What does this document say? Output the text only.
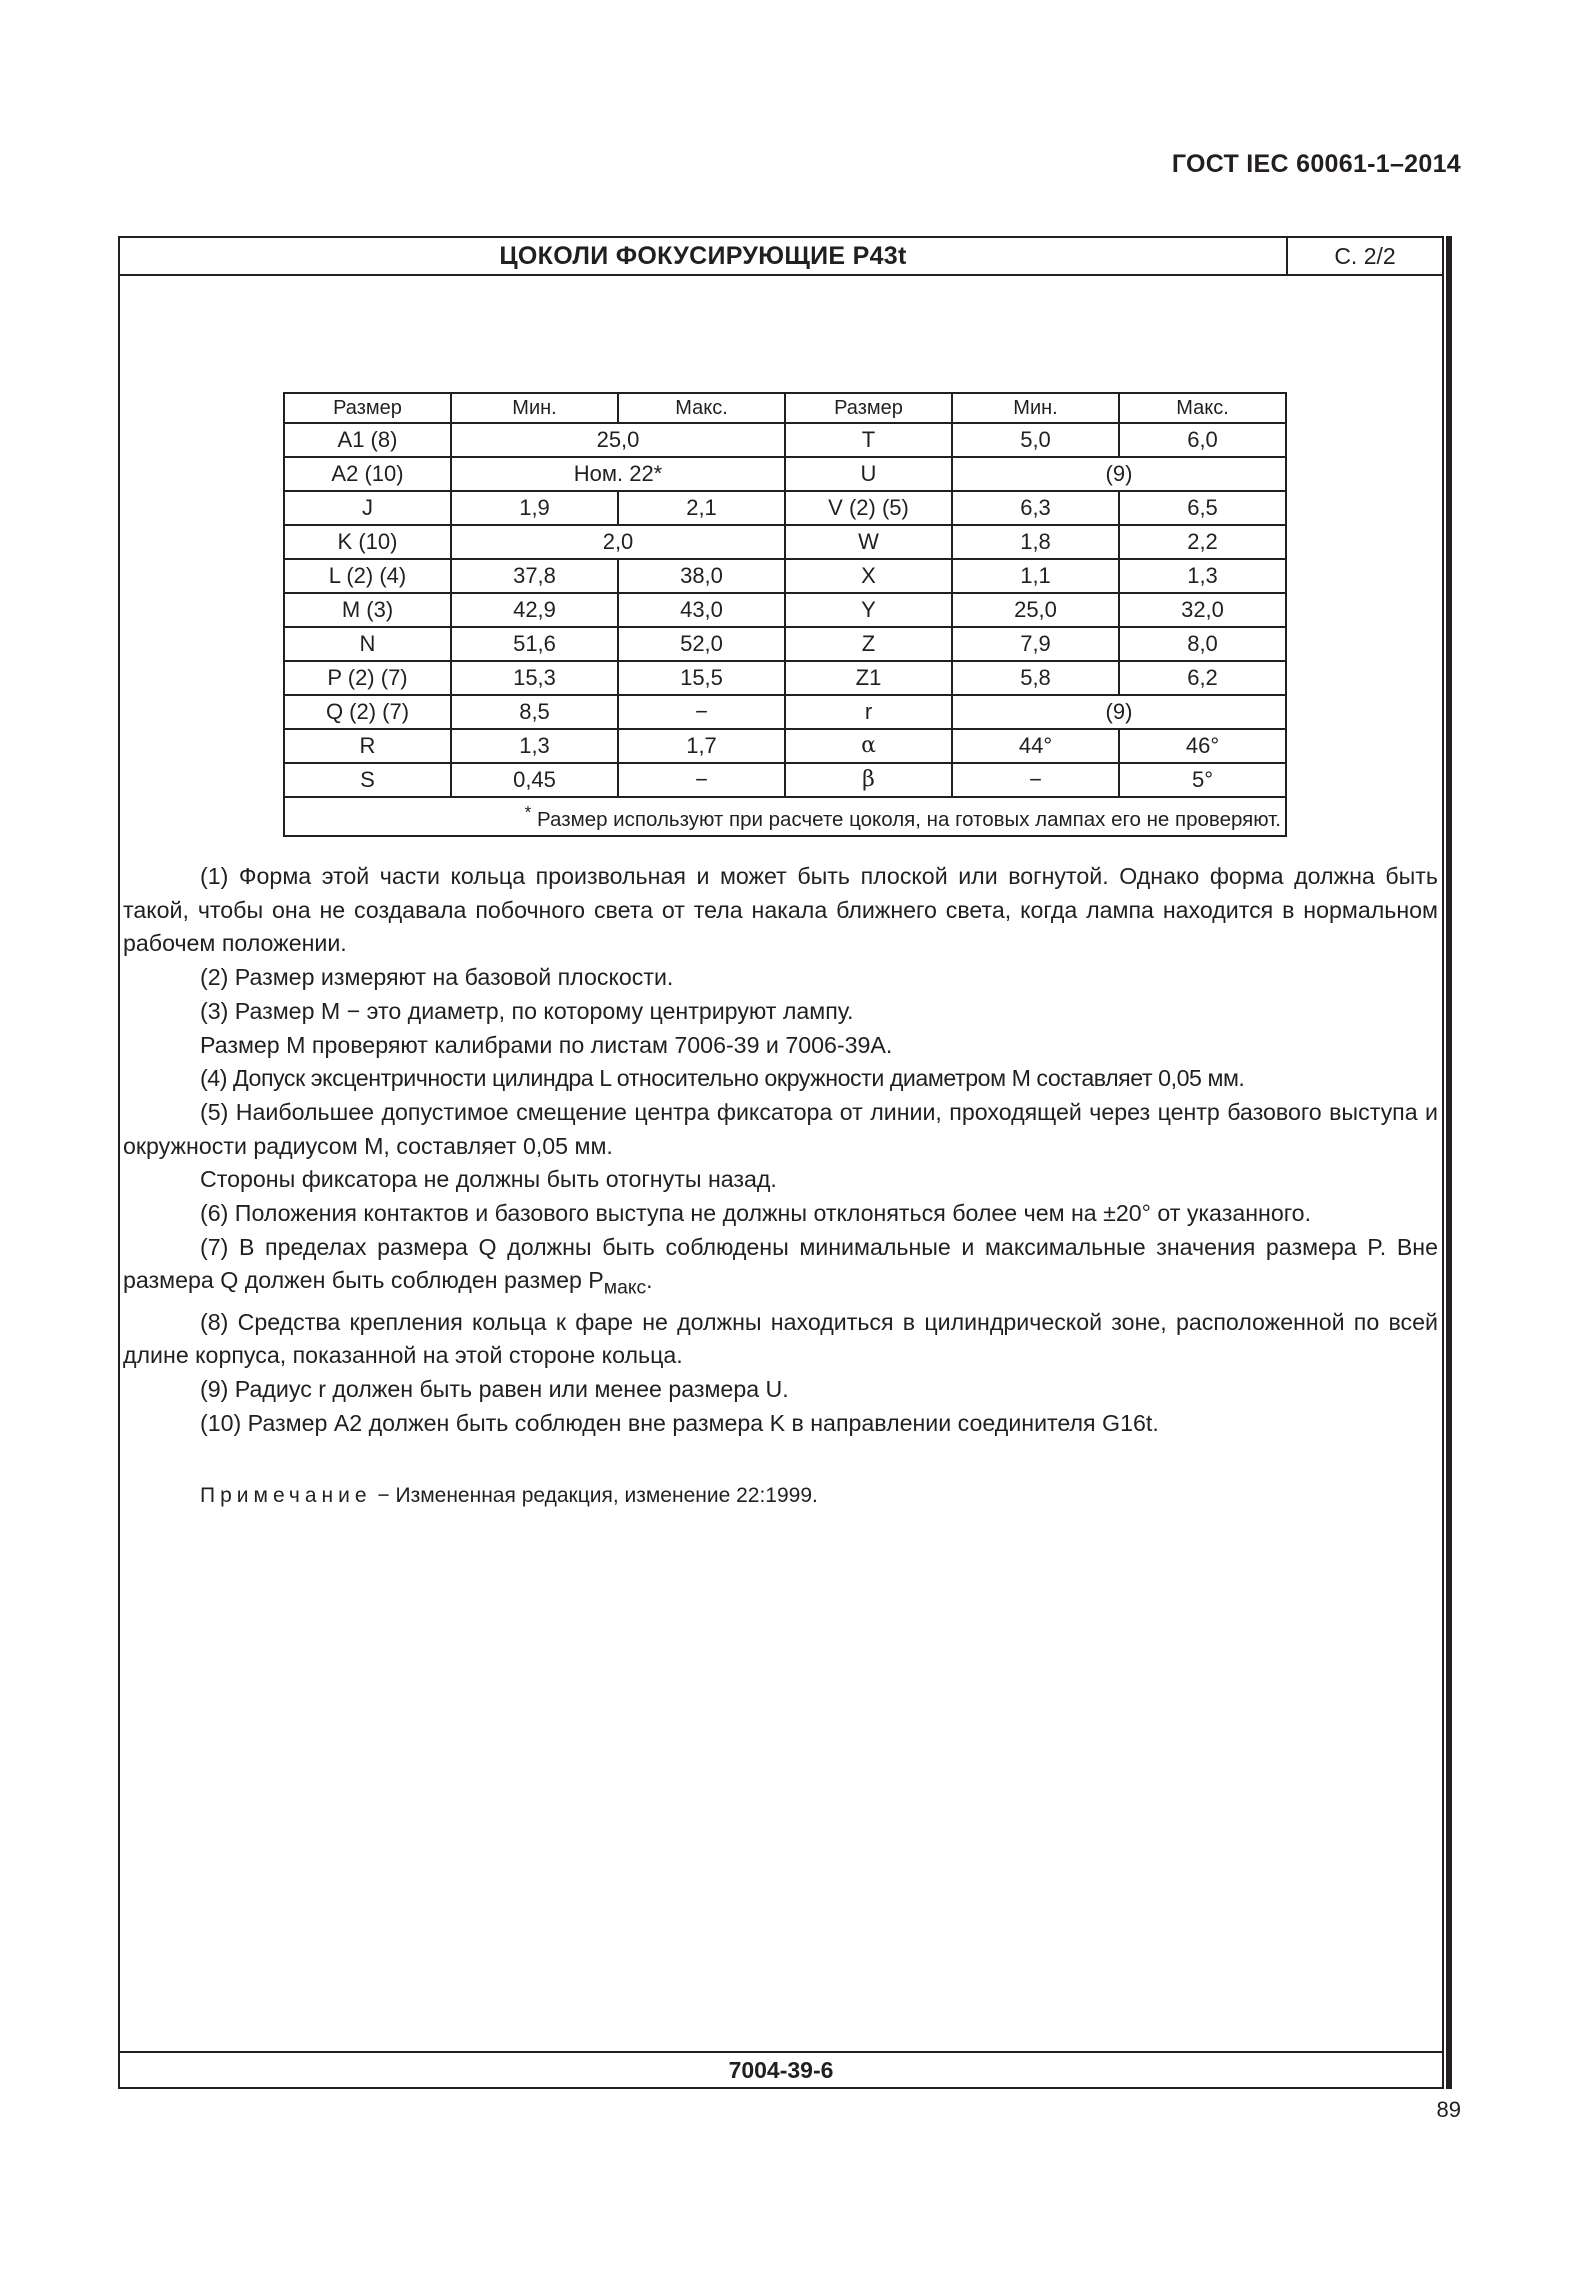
ГОСТ IEC 60061-1–2014
ЦОКОЛИ ФОКУСИРУЮЩИЕ P43t	С. 2/2
Размер	Мин.	Макс.	Размер	Мин.	Макс.
A1 (8)	25,0		T	5,0	6,0
A2 (10)	Ном. 22*		U	(9)	
J	1,9	2,1	V (2) (5)	6,3	6,5
K (10)	2,0		W	1,8	2,2
L (2) (4)	37,8	38,0	X	1,1	1,3
M (3)	42,9	43,0	Y	25,0	32,0
N	51,6	52,0	Z	7,9	8,0
P (2) (7)	15,3	15,5	Z1	5,8	6,2
Q (2) (7)	8,5	−	r	(9)	
R	1,3	1,7	α	44°	46°
S	0,45	−	β	−	5°
* Размер используют при расчете цоколя, на готовых лампах его не проверяют.					

(1) Форма этой части кольца произвольная и может быть плоской или вогнутой. Однако форма должна быть такой, чтобы она не создавала побочного света от тела накала ближнего света, когда лампа находится в нормальном рабочем положении.

(2) Размер измеряют на базовой плоскости.

(3) Размер M − это диаметр, по которому центрируют лампу.

Размер M проверяют калибрами по листам 7006-39 и 7006-39A.

(4) Допуск эксцентричности цилиндра L относительно окружности диаметром M составляет 0,05 мм.

(5) Наибольшее допустимое смещение центра фиксатора от линии, проходящей через центр базового выступа и окружности радиусом M, составляет 0,05 мм.

Стороны фиксатора не должны быть отогнуты назад.

(6) Положения контактов и базового выступа не должны отклоняться более чем на ±20° от указанного.

(7) В пределах размера Q должны быть соблюдены минимальные и максимальные значения размера P. Вне размера Q должен быть соблюден размер $P_{макс}$.

(8) Средства крепления кольца к фаре не должны находиться в цилиндрической зоне, расположенной по всей длине корпуса, показанной на этой стороне кольца.

(9) Радиус r должен быть равен или менее размера U.

(10) Размер A2 должен быть соблюден вне размера K в направлении соединителя G16t.

Примечание − Измененная редакция, изменение 22:1999.

7004-39-6
89
